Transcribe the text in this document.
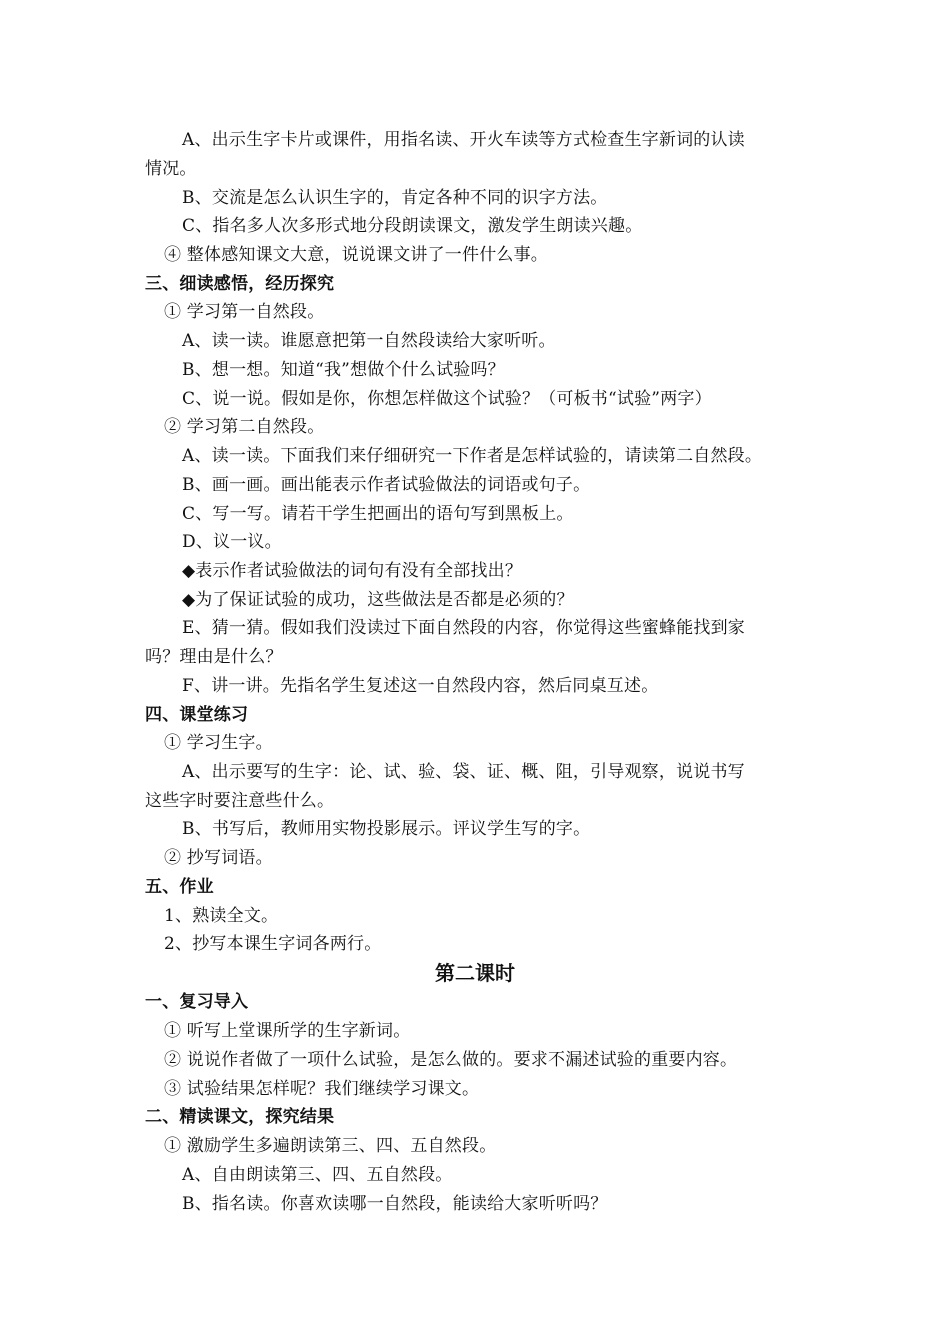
A、出示生字卡片或课件，用指名读、开火车读等方式检查生字新词的认读
情况。
B、交流是怎么认识生字的，肯定各种不同的识字方法。
C、指名多人次多形式地分段朗读课文，激发学生朗读兴趣。
④ 整体感知课文大意，说说课文讲了一件什么事。
三、细读感悟，经历探究
① 学习第一自然段。
A、读一读。谁愿意把第一自然段读给大家听听。
B、想一想。知道“我”想做个什么试验吗？
C、说一说。假如是你，你想怎样做这个试验？（可板书“试验”两字）
② 学习第二自然段。
A、读一读。下面我们来仔细研究一下作者是怎样试验的，请读第二自然段。
B、画一画。画出能表示作者试验做法的词语或句子。
C、写一写。请若干学生把画出的语句写到黑板上。
D、议一议。
◆表示作者试验做法的词句有没有全部找出？
◆为了保证试验的成功，这些做法是否都是必须的？
E、猜一猜。假如我们没读过下面自然段的内容，你觉得这些蜜蜂能找到家
吗？理由是什么？
F、讲一讲。先指名学生复述这一自然段内容，然后同桌互述。
四、课堂练习
① 学习生字。
A、出示要写的生字：论、试、验、袋、证、概、阻，引导观察，说说书写
这些字时要注意些什么。
B、书写后，教师用实物投影展示。评议学生写的字。
② 抄写词语。
五、作业
1、熟读全文。
2、抄写本课生字词各两行。
第二课时
一、复习导入
① 听写上堂课所学的生字新词。
② 说说作者做了一项什么试验，是怎么做的。要求不漏述试验的重要内容。
③ 试验结果怎样呢？我们继续学习课文。
二、精读课文，探究结果
① 激励学生多遍朗读第三、四、五自然段。
A、自由朗读第三、四、五自然段。
B、指名读。你喜欢读哪一自然段，能读给大家听听吗？
